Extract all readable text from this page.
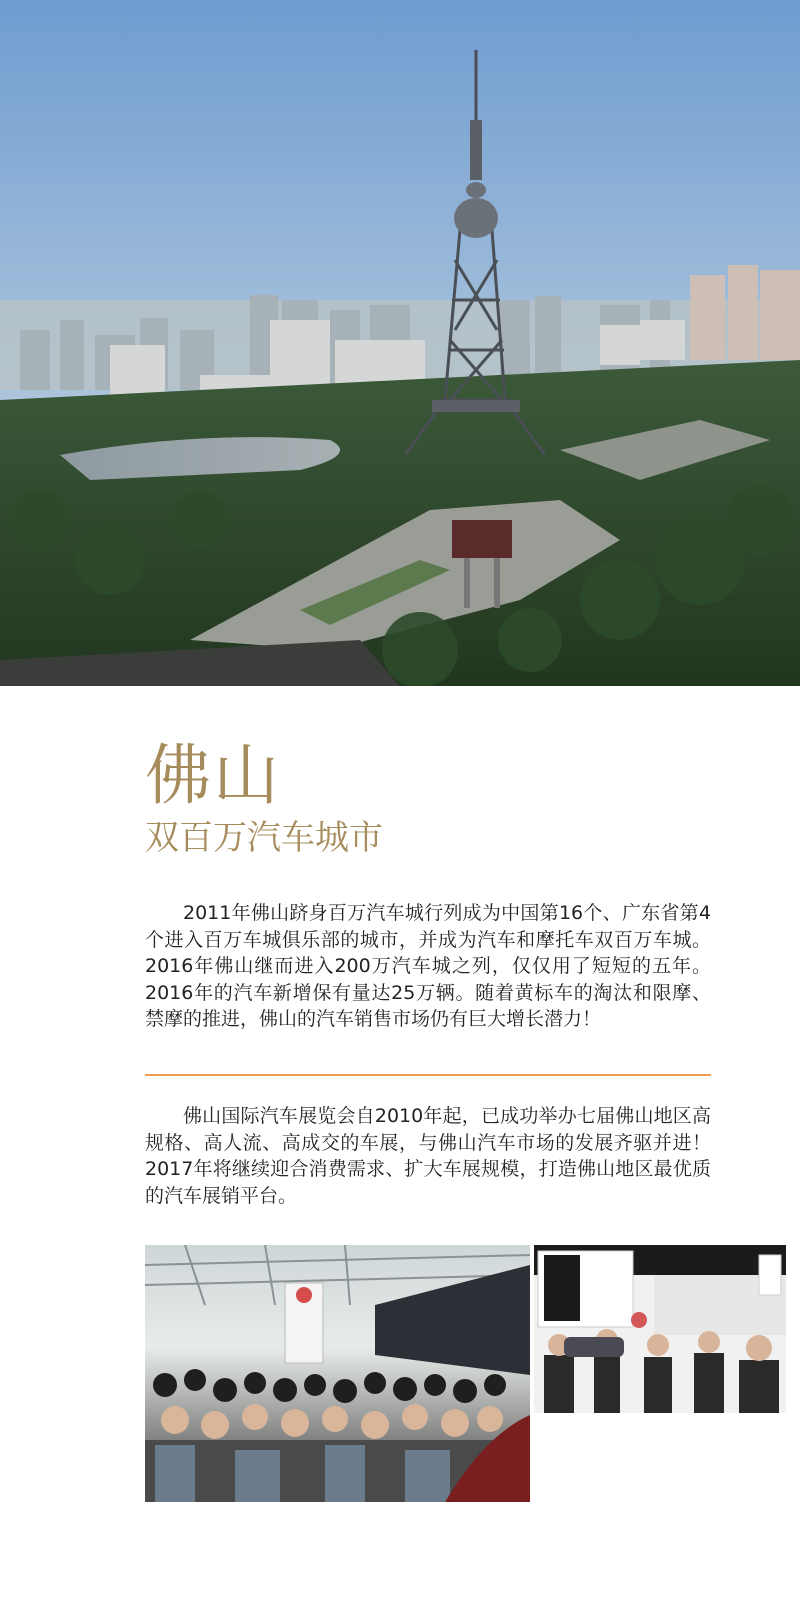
佛山
双百万汽车城市

2011年佛山跻身百万汽车城行列成为中国第16个、广东省第4个进入百万车城俱乐部的城市，并成为汽车和摩托车双百万车城。2016年佛山继而进入200万汽车城之列，仅仅用了短短的五年。2016年的汽车新增保有量达25万辆。随着黄标车的淘汰和限摩、禁摩的推进，佛山的汽车销售市场仍有巨大增长潜力！

佛山国际汽车展览会自2010年起，已成功举办七届佛山地区高规格、高人流、高成交的车展，与佛山汽车市场的发展齐驱并进！2017年将继续迎合消费需求、扩大车展规模，打造佛山地区最优质的汽车展销平台。
